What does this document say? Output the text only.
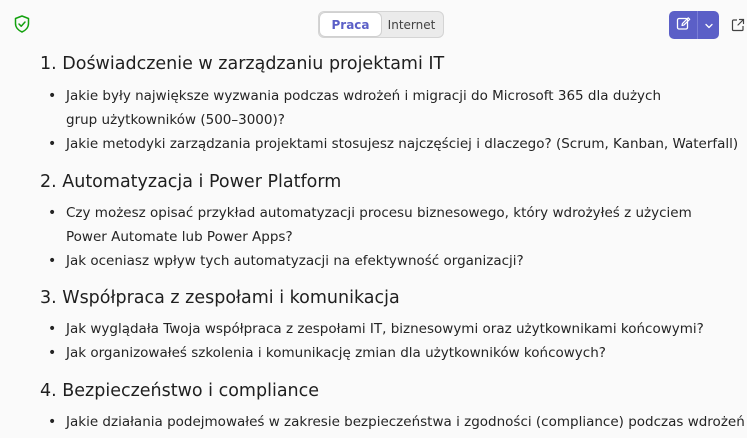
Praca	Internet
1. Doświadczenie w zarządzaniu projektami IT
• Jakie były największe wyzwania podczas wdrożeń i migracji do Microsoft 365 dla dużych grup użytkowników (500–3000)?
• Jakie metodyki zarządzania projektami stosujesz najczęściej i dlaczego? (Scrum, Kanban, Waterfall)
2. Automatyzacja i Power Platform
• Czy możesz opisać przykład automatyzacji procesu biznesowego, który wdrożyłeś z użyciem Power Automate lub Power Apps?
• Jak oceniasz wpływ tych automatyzacji na efektywność organizacji?
3. Współpraca z zespołami i komunikacja
• Jak wyglądała Twoja współpraca z zespołami IT, biznesowymi oraz użytkownikami końcowymi?
• Jak organizowałeś szkolenia i komunikację zmian dla użytkowników końcowych?
4. Bezpieczeństwo i compliance
• Jakie działania podejmowałeś w zakresie bezpieczeństwa i zgodności (compliance) podczas wdrożeń
